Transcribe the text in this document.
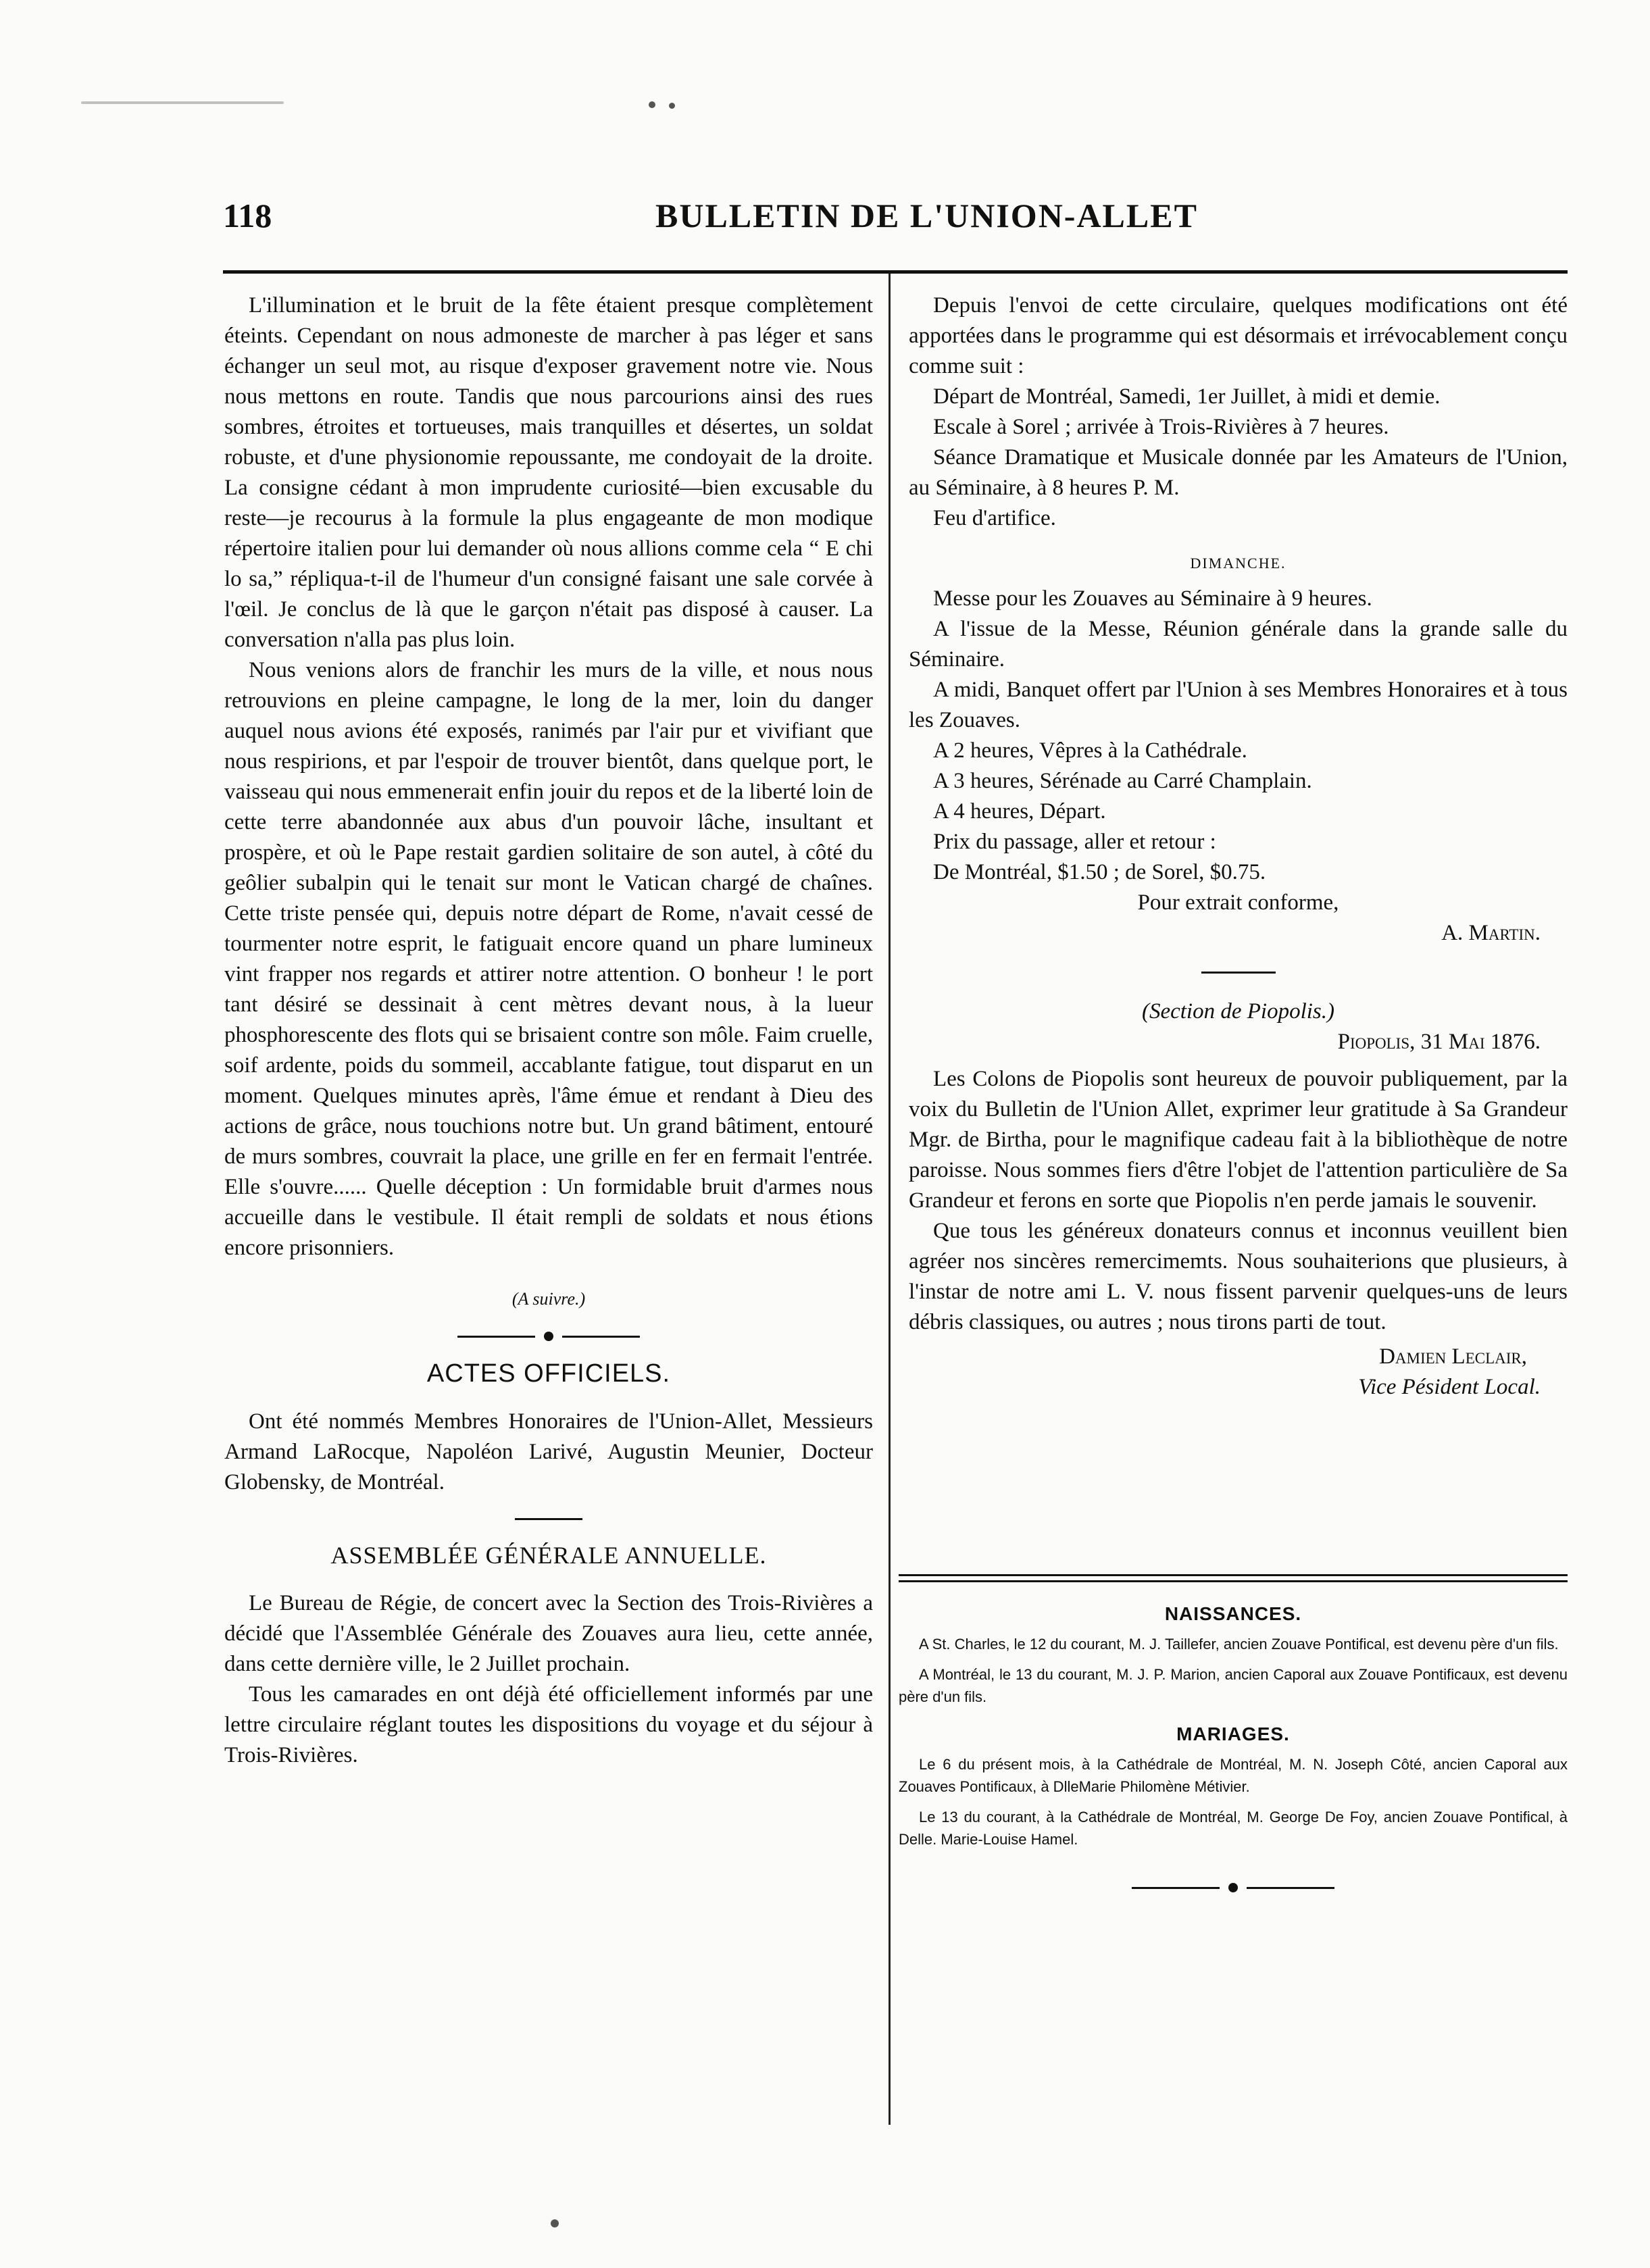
118	BULLETIN DE L'UNION-ALLET

L'illumination et le bruit de la fête étaient presque complètement éteints. Cependant on nous admoneste de marcher à pas léger et sans échanger un seul mot, au risque d'exposer gravement notre vie. Nous nous mettons en route. Tandis que nous parcourions ainsi des rues sombres, étroites et tortueuses, mais tranquilles et désertes, un soldat robuste, et d'une physionomie repoussante, me condoyait de la droite. La consigne cédant à mon imprudente curiosité—bien excusable du reste—je recourus à la formule la plus engageante de mon modique répertoire italien pour lui demander où nous allions comme cela “ E chi lo sa,” répliqua-t-il de l'humeur d'un consigné faisant une sale corvée à l'œil. Je conclus de là que le garçon n'était pas disposé à causer. La conversation n'alla pas plus loin.

Nous venions alors de franchir les murs de la ville, et nous nous retrouvions en pleine campagne, le long de la mer, loin du danger auquel nous avions été exposés, ranimés par l'air pur et vivifiant que nous respirions, et par l'espoir de trouver bientôt, dans quelque port, le vaisseau qui nous emmenerait enfin jouir du repos et de la liberté loin de cette terre abandonnée aux abus d'un pouvoir lâche, insultant et prospère, et où le Pape restait gardien solitaire de son autel, à côté du geôlier subalpin qui le tenait sur mont le Vatican chargé de chaînes. Cette triste pensée qui, depuis notre départ de Rome, n'avait cessé de tourmenter notre esprit, le fatiguait encore quand un phare lumineux vint frapper nos regards et attirer notre attention. O bonheur ! le port tant désiré se dessinait à cent mètres devant nous, à la lueur phosphorescente des flots qui se brisaient contre son môle. Faim cruelle, soif ardente, poids du sommeil, accablante fatigue, tout disparut en un moment. Quelques minutes après, l'âme émue et rendant à Dieu des actions de grâce, nous touchions notre but. Un grand bâtiment, entouré de murs sombres, couvrait la place, une grille en fer en fermait l'entrée. Elle s'ouvre...... Quelle déception : Un formidable bruit d'armes nous accueille dans le vestibule. Il était rempli de soldats et nous étions encore prisonniers.

(A suivre.)
ACTES OFFICIELS.

Ont été nommés Membres Honoraires de l'Union-Allet, Messieurs Armand LaRocque, Napoléon Larivé, Augustin Meunier, Docteur Globensky, de Montréal.

ASSEMBLÉE GÉNÉRALE ANNUELLE.

Le Bureau de Régie, de concert avec la Section des Trois-Rivières a décidé que l'Assemblée Générale des Zouaves aura lieu, cette année, dans cette dernière ville, le 2 Juillet prochain.

Tous les camarades en ont déjà été officiellement informés par une lettre circulaire réglant toutes les dispositions du voyage et du séjour à Trois-Rivières.

Depuis l'envoi de cette circulaire, quelques modifications ont été apportées dans le programme qui est désormais et irrévocablement conçu comme suit :

Départ de Montréal, Samedi, 1er Juillet, à midi et demie.

Escale à Sorel ; arrivée à Trois-Rivières à 7 heures.

Séance Dramatique et Musicale donnée par les Amateurs de l'Union, au Séminaire, à 8 heures P. M.

Feu d'artifice.

DIMANCHE.

Messe pour les Zouaves au Séminaire à 9 heures.

A l'issue de la Messe, Réunion générale dans la grande salle du Séminaire.

A midi, Banquet offert par l'Union à ses Membres Honoraires et à tous les Zouaves.

A 2 heures, Vêpres à la Cathédrale.

A 3 heures, Sérénade au Carré Champlain.

A 4 heures, Départ.

Prix du passage, aller et retour :

De Montréal, $1.50 ; de Sorel, $0.75.

Pour extrait conforme,

A. Martin.

(Section de Piopolis.)

Piopolis, 31 Mai 1876.

Les Colons de Piopolis sont heureux de pouvoir publiquement, par la voix du Bulletin de l'Union Allet, exprimer leur gratitude à Sa Grandeur Mgr. de Birtha, pour le magnifique cadeau fait à la bibliothèque de notre paroisse. Nous sommes fiers d'être l'objet de l'attention particulière de Sa Grandeur et ferons en sorte que Piopolis n'en perde jamais le souvenir.

Que tous les généreux donateurs connus et inconnus veuillent bien agréer nos sincères remercimemts. Nous souhaiterions que plusieurs, à l'instar de notre ami L. V. nous fissent parvenir quelques-uns de leurs débris classiques, ou autres ; nous tirons parti de tout.

Damien Leclair,

Vice Pésident Local.

NAISSANCES.

A St. Charles, le 12 du courant, M. J. Taillefer, ancien Zouave Pontifical, est devenu père d'un fils.

A Montréal, le 13 du courant, M. J. P. Marion, ancien Caporal aux Zouave Pontificaux, est devenu père d'un fils.

MARIAGES.

Le 6 du présent mois, à la Cathédrale de Montréal, M. N. Joseph Côté, ancien Caporal aux Zouaves Pontificaux, à DlleMarie Philomène Métivier.

Le 13 du courant, à la Cathédrale de Montréal, M. George De Foy, ancien Zouave Pontifical, à Delle. Marie-Louise Hamel.
